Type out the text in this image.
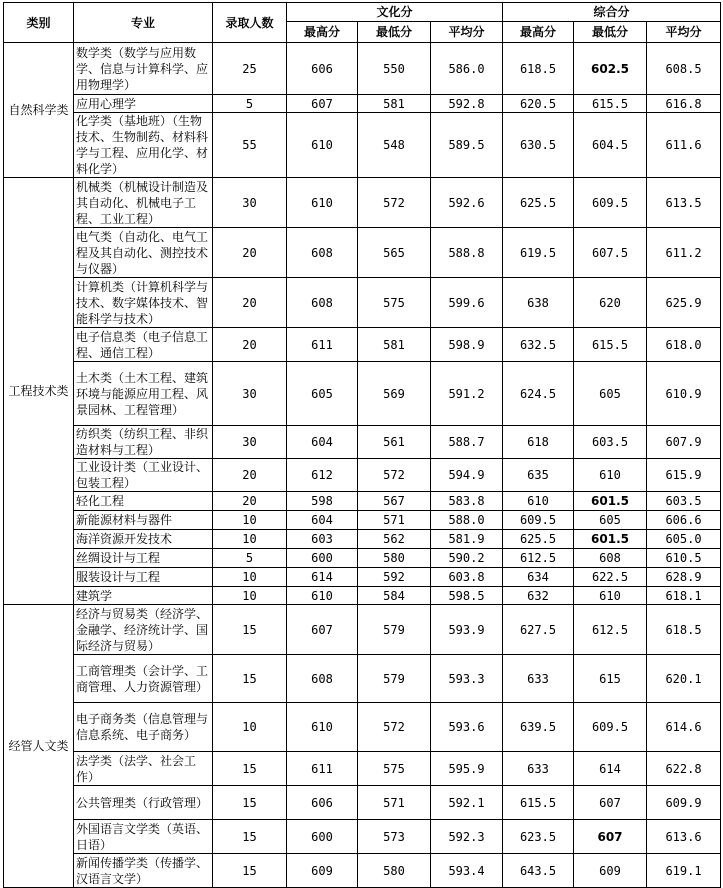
类别	专业	录取人数	文化分			综合分		
			最高分	最低分	平均分	最高分	最低分	平均分
自然科学类	数学类（数学与应用数学、信息与计算科学、应用物理学）	25	606	550	586.0	618.5	602.5	608.5
	应用心理学	5	607	581	592.8	620.5	615.5	616.8
	化学类（基地班）（生物技术、生物制药、材料科学与工程、应用化学、材料化学）	55	610	548	589.5	630.5	604.5	611.6
工程技术类	机械类（机械设计制造及其自动化、机械电子工程、工业工程）	30	610	572	592.6	625.5	609.5	613.5
	电气类（自动化、电气工程及其自动化、测控技术与仪器）	20	608	565	588.8	619.5	607.5	611.2
	计算机类（计算机科学与技术、数字媒体技术、智能科学与技术）	20	608	575	599.6	638	620	625.9
	电子信息类（电子信息工程、通信工程）	20	611	581	598.9	632.5	615.5	618.0
	土木类（土木工程、建筑环境与能源应用工程、风景园林、工程管理）	30	605	569	591.2	624.5	605	610.9
	纺织类（纺织工程、非织造材料与工程）	30	604	561	588.7	618	603.5	607.9
	工业设计类（工业设计、包装工程）	20	612	572	594.9	635	610	615.9
	轻化工程	20	598	567	583.8	610	601.5	603.5
	新能源材料与器件	10	604	571	588.0	609.5	605	606.6
	海洋资源开发技术	10	603	562	581.9	625.5	601.5	605.0
	丝绸设计与工程	5	600	580	590.2	612.5	608	610.5
	服装设计与工程	10	614	592	603.8	634	622.5	628.9
	建筑学	10	610	584	598.5	632	610	618.1
经管人文类	经济与贸易类（经济学、金融学、经济统计学、国际经济与贸易）	15	607	579	593.9	627.5	612.5	618.5
	工商管理类（会计学、工商管理、人力资源管理）	15	608	579	593.3	633	615	620.1
	电子商务类（信息管理与信息系统、电子商务）	10	610	572	593.6	639.5	609.5	614.6
	法学类（法学、社会工作）	15	611	575	595.9	633	614	622.8
	公共管理类（行政管理）	15	606	571	592.1	615.5	607	609.9
	外国语言文学类（英语、日语）	15	600	573	592.3	623.5	607	613.6
	新闻传播学类（传播学、汉语言文学）	15	609	580	593.4	643.5	609	619.1
